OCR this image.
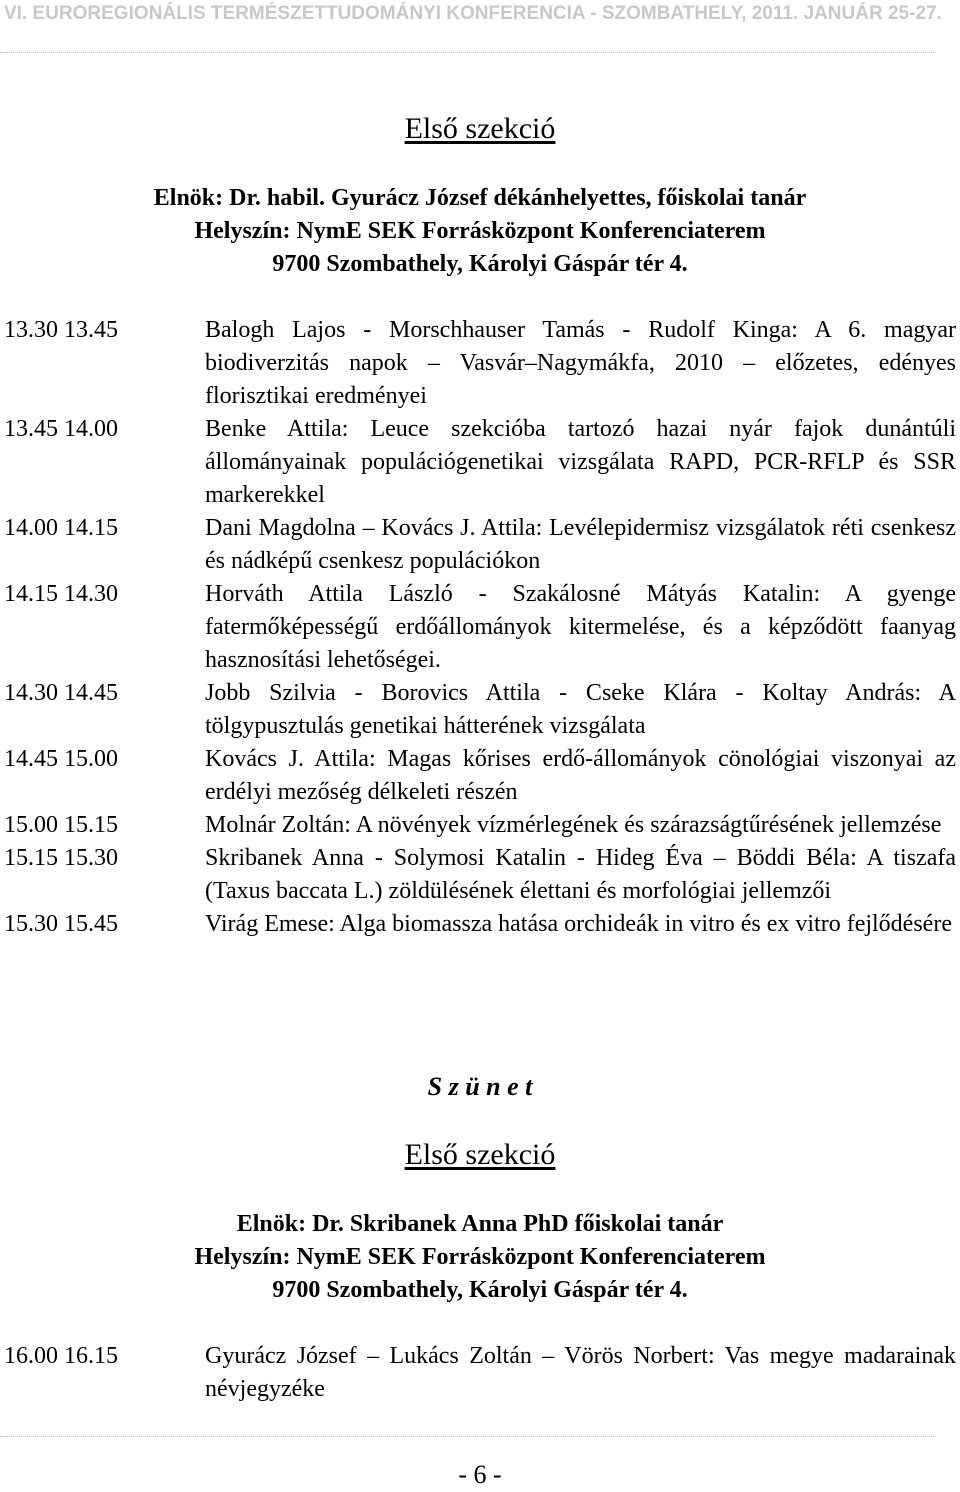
VI. EUROREGIONÁLIS TERMÉSZETTUDOMÁNYI KONFERENCIA - SZOMBATHELY, 2011. JANUÁR 25-27.
Első szekció
Elnök: Dr. habil. Gyurácz József dékánhelyettes, főiskolai tanár
Helyszín: NymE SEK Forrásközpont Konferenciaterem
9700 Szombathely, Károlyi Gáspár tér 4.
13.30 13.45	Balogh Lajos - Morschhauser Tamás - Rudolf Kinga: A 6. magyar biodiverzitás napok – Vasvár–Nagymákfa, 2010 – előzetes, edényes florisztikai eredményei
13.45 14.00	Benke Attila: Leuce szekcióba tartozó hazai nyár fajok dunántúli állományainak populációgenetikai vizsgálata RAPD, PCR-RFLP és SSR markerekkel
14.00 14.15	Dani Magdolna – Kovács J. Attila: Levélepidermisz vizsgálatok réti csenkesz és nádképű csenkesz populációkon
14.15 14.30	Horváth Attila László - Szakálosné Mátyás Katalin: A gyenge fatermőképességű erdőállományok kitermelése, és a képződött faanyag hasznosítási lehetőségei.
14.30 14.45	Jobb Szilvia - Borovics Attila - Cseke Klára - Koltay András: A tölgypusztulás genetikai hátterének vizsgálata
14.45 15.00	Kovács J. Attila: Magas kőrises erdő-állományok cönológiai viszonyai az erdélyi mezőség délkeleti részén
15.00 15.15	Molnár Zoltán: A növények vízmérlegének és szárazságtűrésének jellemzése
15.15 15.30	Skribanek Anna - Solymosi Katalin - Hideg Éva – Böddi Béla: A tiszafa (Taxus baccata L.) zöldülésének élettani és morfológiai jellemzői
15.30 15.45	Virág Emese: Alga biomassza hatása orchideák in vitro és ex vitro fejlődésére
S z ü n e t
Első szekció
Elnök: Dr. Skribanek Anna PhD főiskolai tanár
Helyszín: NymE SEK Forrásközpont Konferenciaterem
9700 Szombathely, Károlyi Gáspár tér 4.
16.00 16.15	Gyurácz József – Lukács Zoltán – Vörös Norbert: Vas megye madarainak névjegyzéke
- 6 -
